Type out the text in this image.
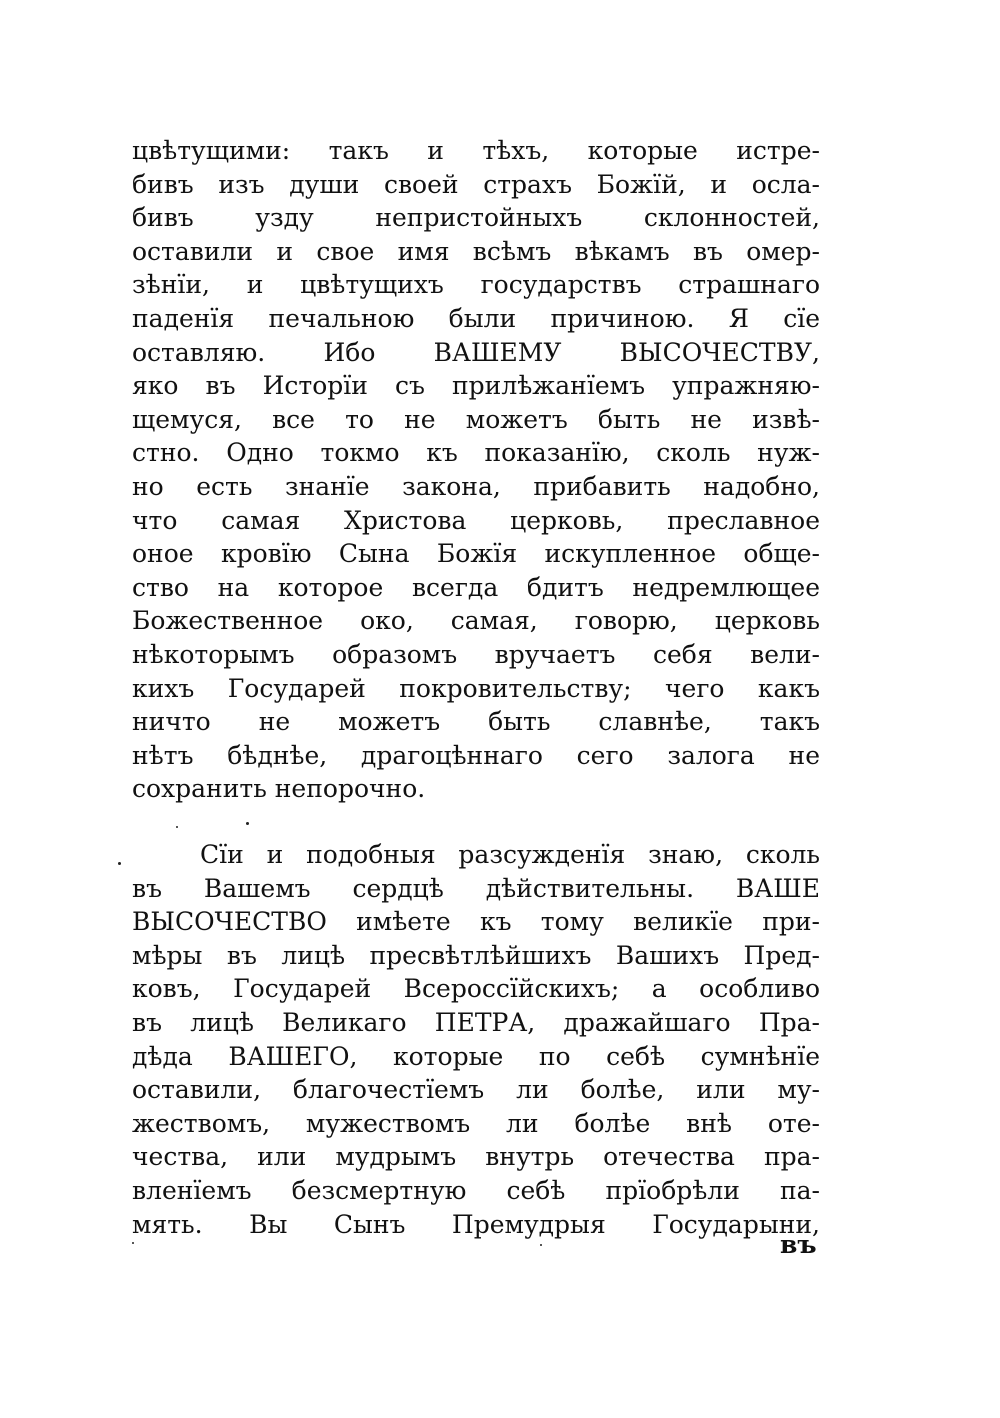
цвѣтущими: такъ и тѣхъ, которые истре-
бивъ изъ души своей страхъ Божїй, и осла-
бивъ узду непристойныхъ склонностей,
оставили и свое имя всѣмъ вѣкамъ въ омер-
зѣнїи, и цвѣтущихъ государствъ страшнаго
паденїя печальною были причиною. Я сїе
оставляю. Ибо ВАШЕМУ ВЫСОЧЕСТВУ,
яко въ Исторїи съ прилѣжанїемъ упражняю-
щемуся, все то не можетъ быть не извѣ-
стно. Одно токмо къ показанїю, сколь нуж-
но есть знанїе закона, прибавить надобно,
что самая Христова церковь, преславное
оное кровїю Сына Божїя искупленное обще-
ство на которое всегда бдитъ недремлющее
Божественное око, самая, говорю, церковь
нѣкоторымъ образомъ вручаетъ себя вели-
кихъ Государей покровительству; чего какъ
ничто не можетъ быть славнѣе, такъ
нѣтъ бѣднѣе, драгоцѣннаго сего залога не
сохранить непорочно.
Сїи и подобныя разсужденїя знаю, сколь
въ Вашемъ сердцѣ дѣйствительны. ВАШЕ
ВЫСОЧЕСТВО имѣете къ тому великїе при-
мѣры въ лицѣ пресвѣтлѣйшихъ Вашихъ Пред-
ковъ, Государей Всероссїйскихъ; а особливо
въ лицѣ Великаго ПЕТРА, дражайшаго Пра-
дѣда ВАШЕГО, которые по себѣ сумнѣнїе
оставили, благочестїемъ ли болѣе, или му-
жествомъ, мужествомъ ли болѣе внѣ оте-
чества, или мудрымъ внутрь отечества пра-
вленїемъ безсмертную себѣ прїобрѣли па-
мять. Вы Сынъ Премудрыя Государыни,
въ
